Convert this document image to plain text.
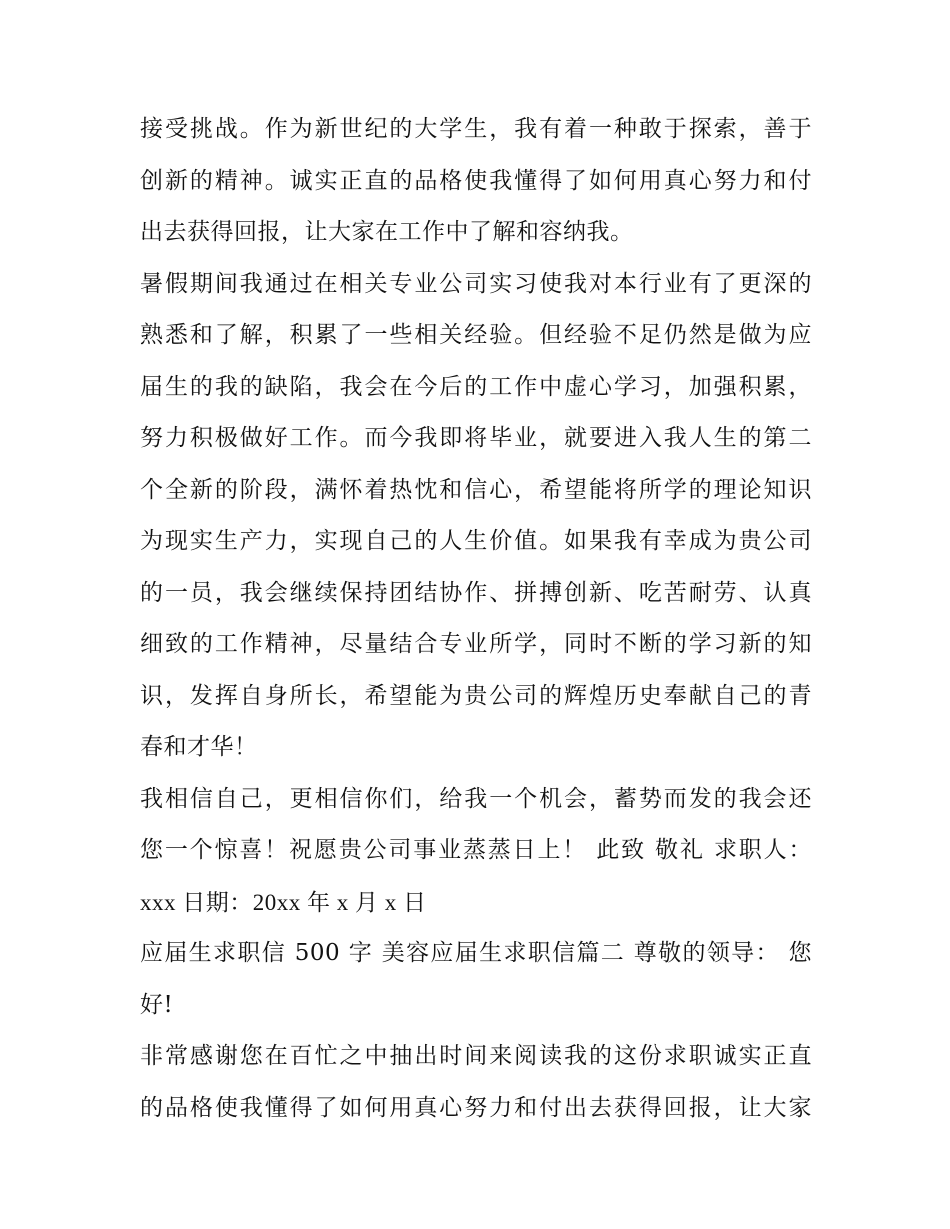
接受挑战。作为新世纪的大学生，我有着一种敢于探索，善于
创新的精神。诚实正直的品格使我懂得了如何用真心努力和付
出去获得回报，让大家在工作中了解和容纳我。
暑假期间我通过在相关专业公司实习使我对本行业有了更深的
熟悉和了解，积累了一些相关经验。但经验不足仍然是做为应
届生的我的缺陷，我会在今后的工作中虚心学习，加强积累，
努力积极做好工作。而今我即将毕业，就要进入我人生的第二
个全新的阶段，满怀着热忱和信心，希望能将所学的理论知识
为现实生产力，实现自己的人生价值。如果我有幸成为贵公司
的一员，我会继续保持团结协作、拼搏创新、吃苦耐劳、认真
细致的工作精神，尽量结合专业所学，同时不断的学习新的知
识，发挥自身所长，希望能为贵公司的辉煌历史奉献自己的青
春和才华！
我相信自己，更相信你们，给我一个机会，蓄势而发的我会还
您一个惊喜！祝愿贵公司事业蒸蒸日上！ 此致 敬礼 求职人：
xxx 日期：20xx 年 x 月 x 日
应届生求职信 500 字 美容应届生求职信篇二 尊敬的领导： 您
好!
非常感谢您在百忙之中抽出时间来阅读我的这份求职诚实正直
的品格使我懂得了如何用真心努力和付出去获得回报，让大家
